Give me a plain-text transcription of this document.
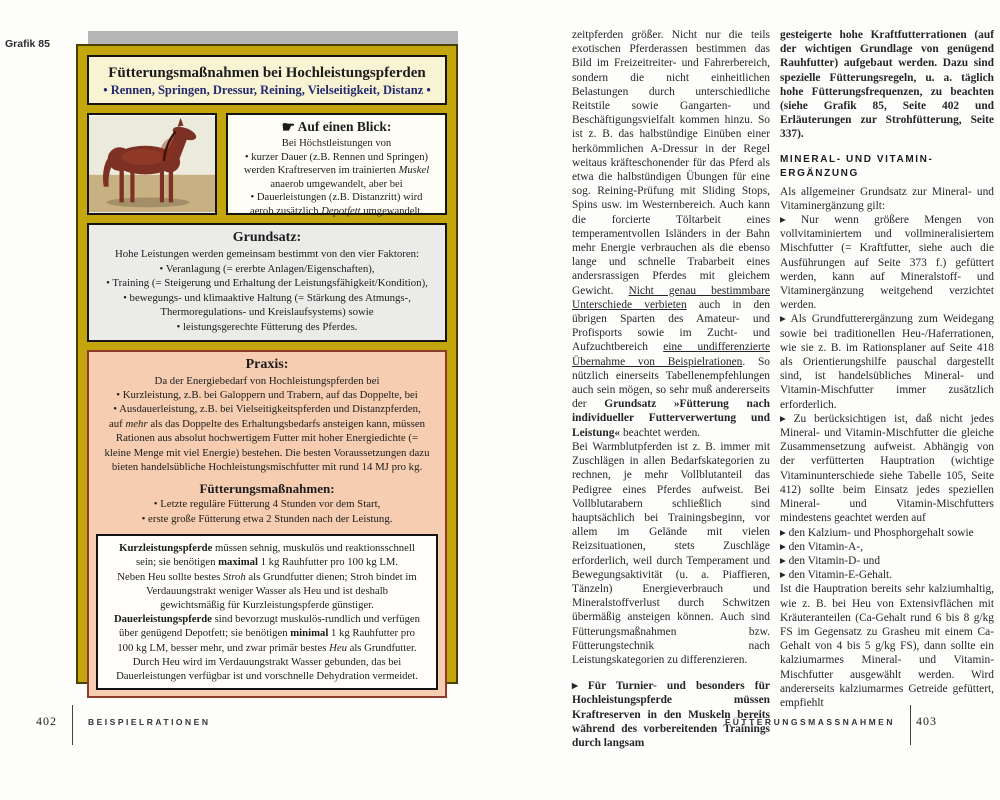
Grafik 85
Fütterungsmaßnahmen bei Hochleistungspferden
• Rennen, Springen, Dressur, Reining, Vielseitigkeit, Distanz •
☛ Auf einen Blick:
Bei Höchstleistungen von
• kurzer Dauer (z.B. Rennen und Springen)
werden Kraftreserven im trainierten Muskel
anaerob umgewandelt, aber bei
• Dauerleistungen (z.B. Distanzritt) wird
aerob zusätzlich Depotfett umgewandelt.
Grundsatz:
Hohe Leistungen werden gemeinsam bestimmt von den vier Faktoren:
• Veranlagung (= ererbte Anlagen/Eigenschaften),
• Training (= Steigerung und Erhaltung der Leistungsfähigkeit/Kondition),
• bewegungs- und klimaaktive Haltung (= Stärkung des Atmungs-,
Thermoregulations- und Kreislaufsystems) sowie
• leistungsgerechte Fütterung des Pferdes.
Praxis:
Da der Energiebedarf von Hochleistungspferden bei
• Kurzleistung, z.B. bei Galoppern und Trabern, auf das Doppelte, bei
• Ausdauerleistung, z.B. bei Vielseitigkeitspferden und Distanzpferden,
auf mehr als das Doppelte des Erhaltungsbedarfs ansteigen kann, müssen
Rationen aus absolut hochwertigem Futter mit hoher Energiedichte (=
kleine Menge mit viel Energie) bestehen. Die besten Voraussetzungen dazu
bieten handelsübliche Hochleistungsmischfutter mit rund 14 MJ pro kg.
Fütterungsmaßnahmen:
• Letzte reguläre Fütterung 4 Stunden vor dem Start,
• erste große Fütterung etwa 2 Stunden nach der Leistung.
Kurzleistungspferde müssen sehnig, muskulös und reaktionsschnell
sein; sie benötigen maximal 1 kg Rauhfutter pro 100 kg LM.
Neben Heu sollte bestes Stroh als Grundfutter dienen; Stroh bindet im
Verdauungstrakt weniger Wasser als Heu und ist deshalb
gewichtsmäßig für Kurzleistungspferde günstiger.
Dauerleistungspferde sind bevorzugt muskulös-rundlich und verfügen
über genügend Depotfett; sie benötigen minimal 1 kg Rauhfutter pro
100 kg LM, besser mehr, und zwar primär bestes Heu als Grundfutter.
Durch Heu wird im Verdauungstrakt Wasser gebunden, das bei
Dauerleistungen verfügbar ist und vorschnelle Dehydration vermeidet.
402	BEISPIELRATIONEN

zeitpferden größer. Nicht nur die teils exotischen Pferderassen bestimmen das Bild im Freizeitreiter- und Fahrerbereich, sondern die nicht einheitlichen Belastungen durch unterschiedliche Reitstile sowie Gangarten- und Beschäftigungsvielfalt kommen hinzu. So ist z. B. das halbstündige Einüben einer herkömmlichen A-Dressur in der Regel weitaus kräfteschonender für das Pferd als etwa die halbstündigen Übungen für eine sog. Reining-Prüfung mit Sliding Stops, Spins usw. im Westernbereich. Auch kann die forcierte Töltarbeit eines temperamentvollen Isländers in der Bahn mehr Energie verbrauchen als die ebenso lange und schnelle Trabarbeit eines andersrassigen Pferdes mit gleichem Gewicht. Nicht genau bestimmbare Unterschiede verbieten auch in den übrigen Sparten des Amateur- und Profisports sowie im Zucht- und Aufzuchtbereich eine undifferenzierte Übernahme von Beispielrationen. So nützlich einerseits Tabellenempfehlungen auch sein mögen, so sehr muß andererseits der Grundsatz »Fütterung nach individueller Futterverwertung und Leistung« beachtet werden.

Bei Warmblutpferden ist z. B. immer mit Zuschlägen in allen Bedarfskategorien zu rechnen, je mehr Vollblutanteil das Pedigree eines Pferdes aufweist. Bei Vollblutarabern schließlich sind hauptsächlich bei Trainingsbeginn, vor allem im Gelände mit vielen Reizsituationen, stets Zuschläge erforderlich, weil durch Temperament und Bewegungsaktivität (u. a. Piaffieren, Tänzeln) Energieverbrauch und Mineralstoffverlust durch Schwitzen übermäßig ansteigen können. Auch sind Fütterungsmaßnahmen bzw. Fütterungstechnik nach Leistungskategorien zu differenzieren.

▸ Für Turnier- und besonders für Hochleistungspferde müssen Kraftreserven in den Muskeln bereits während des vorbereitenden Trainings durch langsam

gesteigerte hohe Kraftfutterrationen (auf der wichtigen Grundlage von genügend Rauhfutter) aufgebaut werden. Dazu sind spezielle Fütterungsregeln, u. a. täglich hohe Fütterungsfrequenzen, zu beachten (siehe Grafik 85, Seite 402 und Erläuterungen zur Strohfütterung, Seite 337).

MINERAL- UND VITAMIN-
ERGÄNZUNG

Als allgemeiner Grundsatz zur Mineral- und Vitaminergänzung gilt:

▸ Nur wenn größere Mengen von vollvitaminiertem und vollmineralisiertem Mischfutter (= Kraftfutter, siehe auch die Ausführungen auf Seite 373 f.) gefüttert werden, kann auf Mineralstoff- und Vitaminergänzung weitgehend verzichtet werden.

▸ Als Grundfutterergänzung zum Weidegang sowie bei traditionellen Heu-/Haferrationen, wie sie z. B. im Rationsplaner auf Seite 418 als Orientierungshilfe pauschal dargestellt sind, ist handelsübliches Mineral- und Vitamin-Mischfutter immer zusätzlich erforderlich.

▸ Zu berücksichtigen ist, daß nicht jedes Mineral- und Vitamin-Mischfutter die gleiche Zusammensetzung aufweist. Abhängig von der verfütterten Hauptration (wichtige Vitaminunterschiede siehe Tabelle 105, Seite 412) sollte beim Einsatz jedes speziellen Mineral- und Vitamin-Mischfutters mindestens geachtet werden auf

▸ den Kalzium- und Phosphorgehalt sowie

▸ den Vitamin-A-,

▸ den Vitamin-D- und

▸ den Vitamin-E-Gehalt.

Ist die Hauptration bereits sehr kalziumhaltig, wie z. B. bei Heu von Extensivflächen mit Kräuteranteilen (Ca-Gehalt rund 6 bis 8 g/kg FS im Gegensatz zu Grasheu mit einem Ca-Gehalt von 4 bis 5 g/kg FS), dann sollte ein kalziumarmes Mineral- und Vitamin-Mischfutter ausgewählt werden. Wird andererseits kalziumarmes Getreide gefüttert, empfiehlt

FÜTTERUNGSMASSNAHMEN 403
